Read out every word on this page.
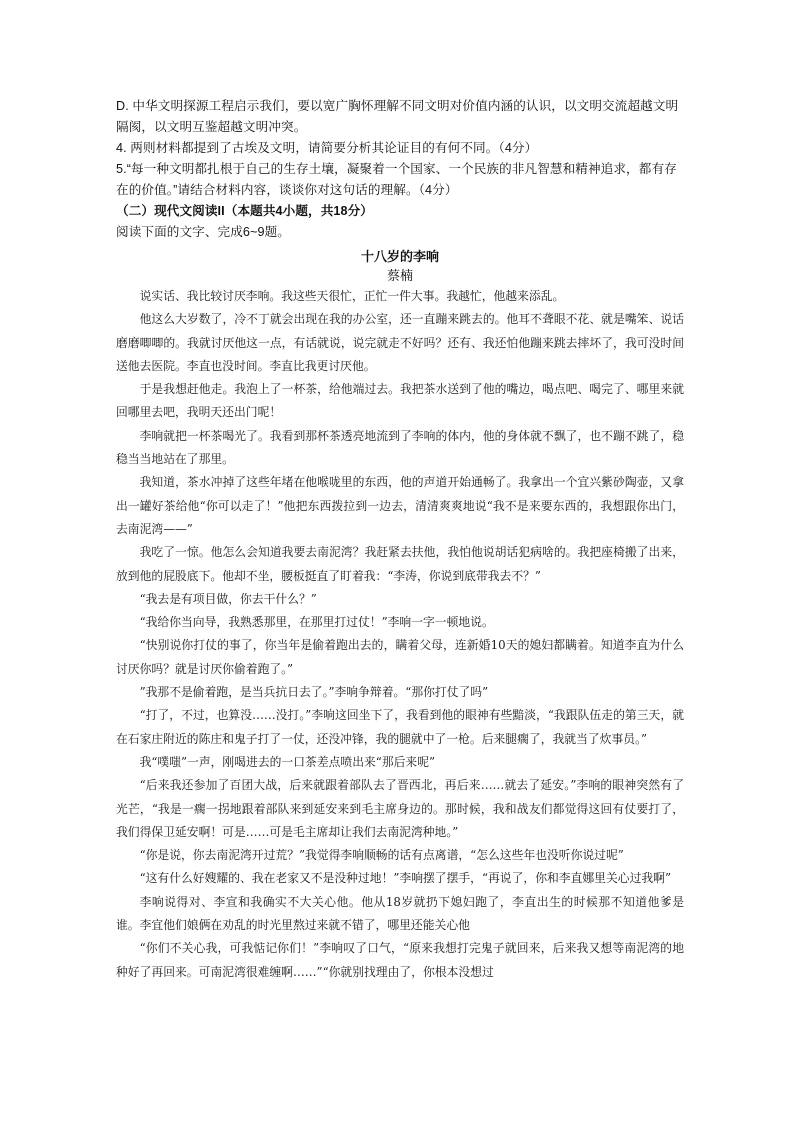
D. 中华文明探源工程启示我们，要以宽广胸怀理解不同文明对价值内涵的认识，以文明交流超越文明隔阂，以文明互鉴超越文明冲突。

4. 两则材料都提到了古埃及文明，请简要分析其论证目的有何不同。（4分）

5.“每一种文明都扎根于自己的生存土壤，凝聚着一个国家、一个民族的非凡智慧和精神追求，都有存在的价值。”请结合材料内容，谈谈你对这句话的理解。（4分）

（二）现代文阅读II（本题共4小题，共18分）

阅读下面的文字、完成6~9题。

十八岁的李响

蔡楠

说实话、我比较讨厌李响。我这些天很忙，正忙一件大事。我越忙，他越来添乱。

他这么大岁数了，冷不丁就会出现在我的办公室，还一直蹦来跳去的。他耳不聋眼不花、就是嘴笨、说话磨磨唧唧的。我就讨厌他这一点，有话就说，说完就走不好吗？还有、我还怕他蹦来跳去摔坏了，我可没时间送他去医院。李直也没时间。李直比我更讨厌他。

于是我想赶他走。我泡上了一杯茶，给他端过去。我把茶水送到了他的嘴边，喝点吧、喝完了、哪里来就回哪里去吧，我明天还出门呢！

李响就把一杯茶喝光了。我看到那杯茶透亮地流到了李响的体内，他的身体就不飘了，也不蹦不跳了，稳稳当当地站在了那里。

我知道，茶水冲掉了这些年堵在他喉咙里的东西，他的声道开始通畅了。我拿出一个宜兴紫砂陶壶，又拿出一罐好茶给他“你可以走了！”他把东西拨拉到一边去，清清爽爽地说“我不是来要东西的，我想跟你出门，去南泥湾——”

我吃了一惊。他怎么会知道我要去南泥湾？我赶紧去扶他，我怕他说胡话犯病啥的。我把座椅搬了出来，放到他的屁股底下。他却不坐，腰板挺直了盯着我：“李涛，你说到底带我去不？”

“我去是有项目做，你去干什么？”

“我给你当向导，我熟悉那里，在那里打过仗！”李响一字一顿地说。

“快别说你打仗的事了，你当年是偷着跑出去的，瞒着父母，连新婚10天的媳妇都瞒着。知道李直为什么讨厌你吗？就是讨厌你偷着跑了。”

”我那不是偷着跑，是当兵抗日去了。”李响争辩着。“那你打仗了吗”

“打了，不过，也算没……没打。”李响这回坐下了，我看到他的眼神有些黯淡，“我跟队伍走的第三天，就在石家庄附近的陈庄和鬼子打了一仗，还没冲锋，我的腿就中了一枪。后来腿瘸了，我就当了炊事员。”

我“噗嗤”一声，刚喝进去的一口茶差点喷出来“那后来呢”

“后来我还参加了百团大战，后来就跟着部队去了晋西北，再后来……就去了延安。”李响的眼神突然有了光芒，“我是一瘸一拐地跟着部队来到延安来到毛主席身边的。那时候，我和战友们都觉得这回有仗要打了，我们得保卫延安啊！可是……可是毛主席却让我们去南泥湾种地。”

“你是说，你去南泥湾开过荒？”我觉得李响顺畅的话有点离谱，“怎么这些年也没听你说过呢”

“这有什么好嫂耀的、我在老家又不是没种过地！”李响摆了摆手，“再说了，你和李直娜里关心过我啊”

李响说得对、李宣和我确实不大关心他。他从18岁就扔下媳妇跑了，李直出生的时候那不知道他爹是谁。李宜他们娘俩在劝乱的时光里熬过来就不错了，哪里还能关心他

“你们不关心我，可我惦记你们！”李响叹了口气，“原来我想打完鬼子就回来，后来我又想等南泥湾的地种好了再回来。可南泥湾很难缠啊……”“你就别找理由了，你根本没想过
